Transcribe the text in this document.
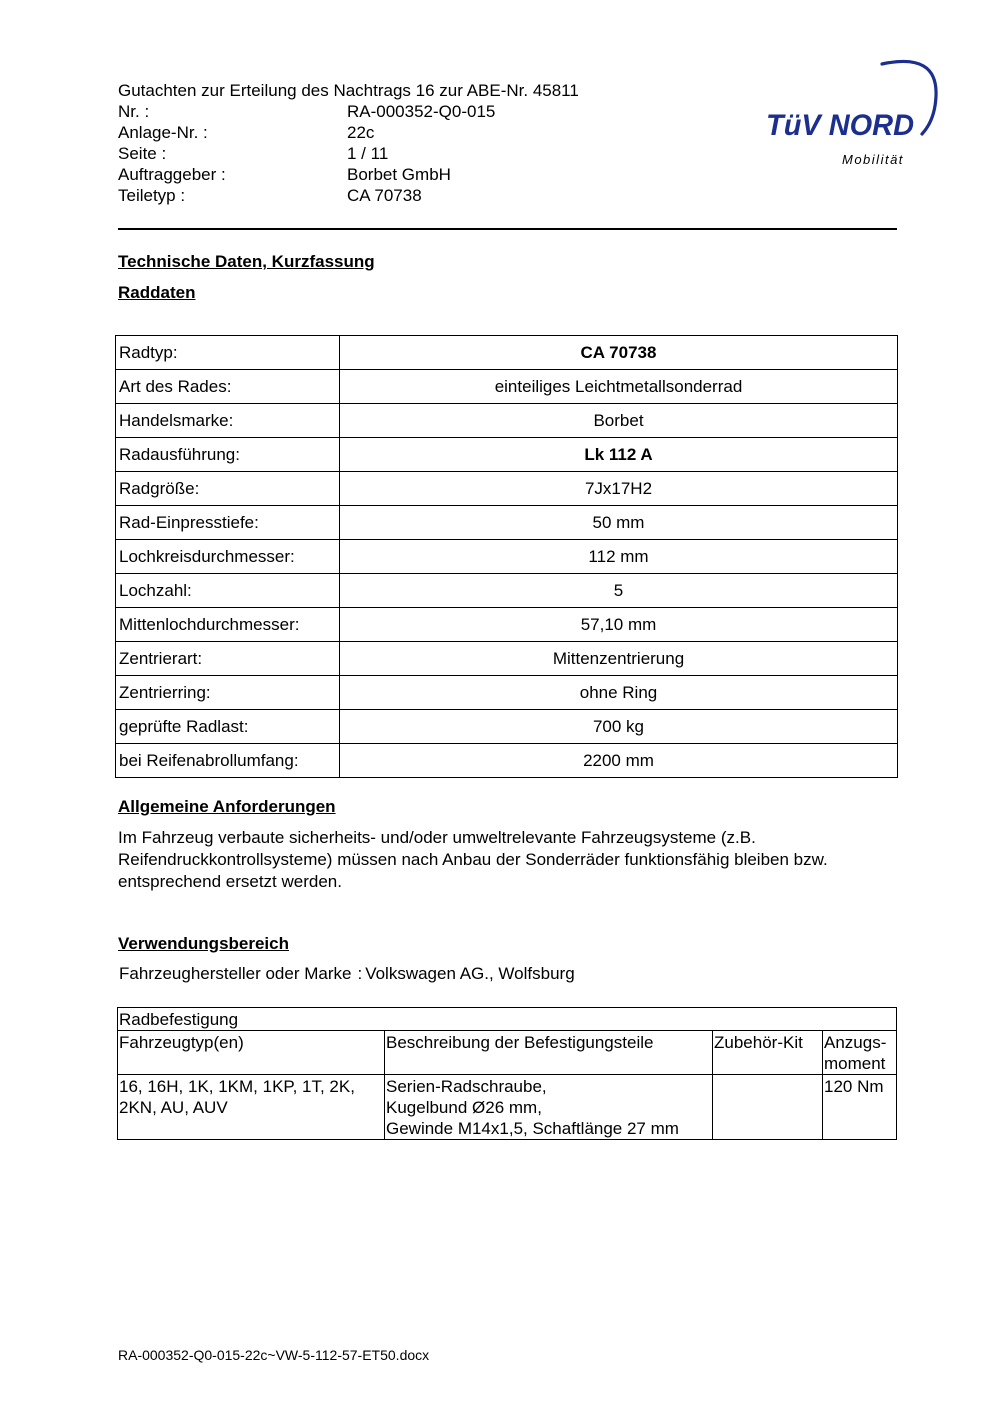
Gutachten zur Erteilung des Nachtrags 16 zur ABE-Nr. 45811
Nr. :	RA-000352-Q0-015
Anlage-Nr. :	22c
Seite :	1 / 11
Auftraggeber :	Borbet GmbH
Teiletyp :	CA 70738
TüV NORD
Mobilität
Technische Daten, Kurzfassung
Raddaten
Radtyp:	CA 70738
Art des Rades:	einteiliges Leichtmetallsonderrad
Handelsmarke:	Borbet
Radausführung:	Lk 112 A
Radgröße:	7Jx17H2
Rad-Einpresstiefe:	50 mm
Lochkreisdurchmesser:	112 mm
Lochzahl:	5
Mittenlochdurchmesser:	57,10 mm
Zentrierart:	Mittenzentrierung
Zentrierring:	ohne Ring
geprüfte Radlast:	700 kg
bei Reifenabrollumfang:	2200 mm
Allgemeine Anforderungen

Im Fahrzeug verbaute sicherheits- und/oder umweltrelevante Fahrzeugsysteme (z.B. Reifendruckkontrollsysteme) müssen nach Anbau der Sonderräder funktionsfähig bleiben bzw. entsprechend ersetzt werden.

Verwendungsbereich
Fahrzeughersteller oder Marke : Volkswagen AG., Wolfsburg
Radbefestigung			
Fahrzeugtyp(en)	Beschreibung der Befestigungsteile	Zubehör-Kit	Anzugs-
moment
16, 16H, 1K, 1KM, 1KP, 1T, 2K, 2KN, AU, AUV	Serien-Radschraube,
Kugelbund Ø26 mm,
Gewinde M14x1,5, Schaftlänge 27 mm		120 Nm
RA-000352-Q0-015-22c~VW-5-112-57-ET50.docx
